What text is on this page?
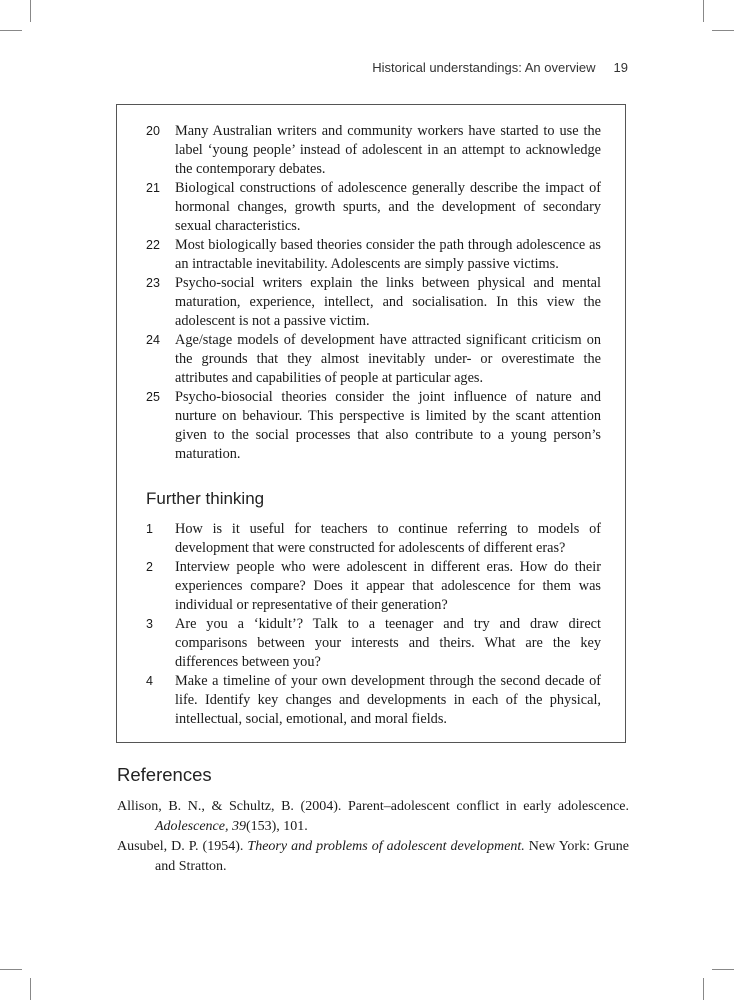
Historical understandings: An overview 19
20 Many Australian writers and community workers have started to use the label ‘young people’ instead of adolescent in an attempt to acknowledge the contemporary debates.
21 Biological constructions of adolescence generally describe the impact of hormonal changes, growth spurts, and the development of secondary sexual characteristics.
22 Most biologically based theories consider the path through adolescence as an intractable inevitability. Adolescents are simply passive victims.
23 Psycho-social writers explain the links between physical and mental maturation, experience, intellect, and socialisation. In this view the adolescent is not a passive victim.
24 Age/stage models of development have attracted significant criticism on the grounds that they almost inevitably under- or overestimate the attributes and capabilities of people at particular ages.
25 Psycho-biosocial theories consider the joint influence of nature and nurture on behaviour. This perspective is limited by the scant attention given to the social processes that also contribute to a young person’s maturation.
Further thinking
1 How is it useful for teachers to continue referring to models of development that were constructed for adolescents of different eras?
2 Interview people who were adolescent in different eras. How do their experiences compare? Does it appear that adolescence for them was individual or representative of their generation?
3 Are you a ‘kidult’? Talk to a teenager and try and draw direct comparisons between your interests and theirs. What are the key differences between you?
4 Make a timeline of your own development through the second decade of life. Identify key changes and developments in each of the physical, intellectual, social, emotional, and moral fields.
References

Allison, B. N., & Schultz, B. (2004). Parent–adolescent conflict in early adolescence. Adolescence, 39(153), 101.

Ausubel, D. P. (1954). Theory and problems of adolescent development. New York: Grune and Stratton.
